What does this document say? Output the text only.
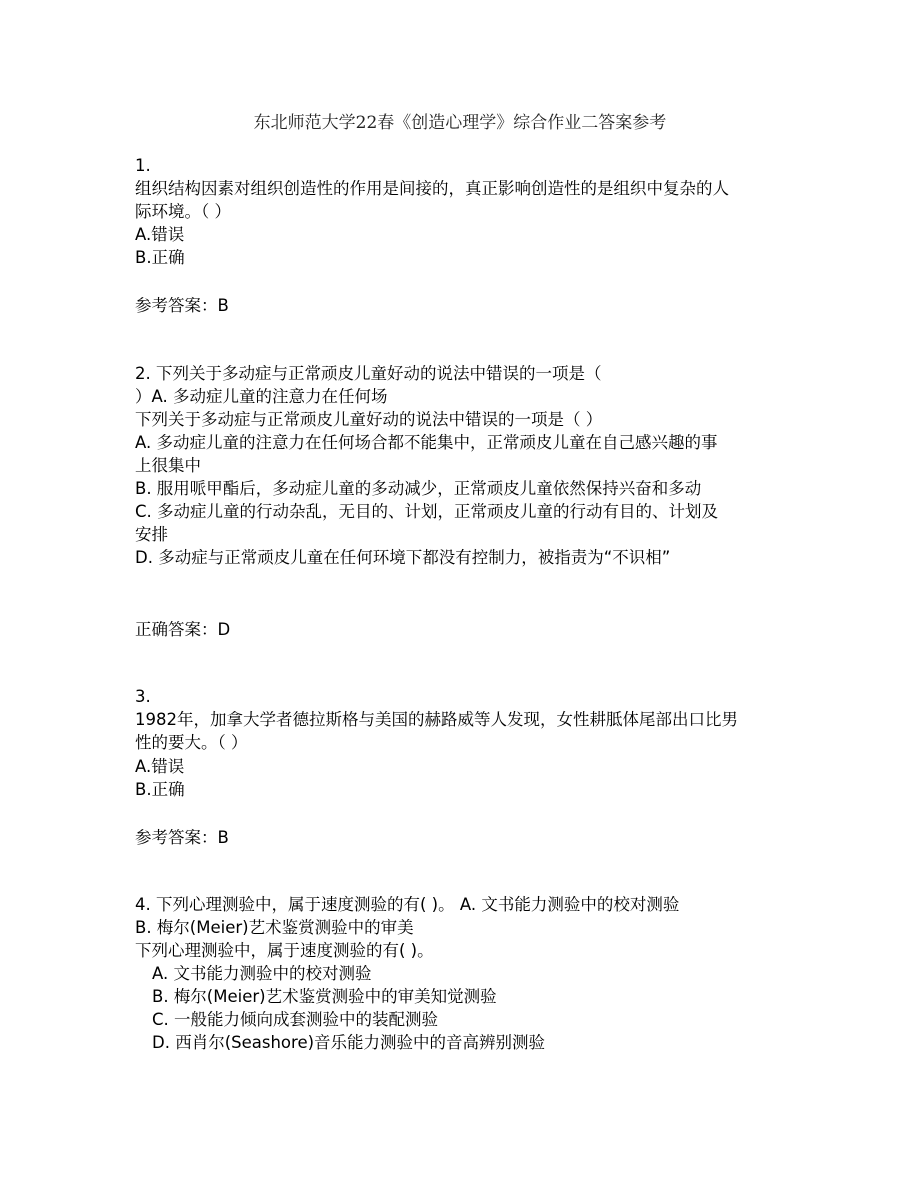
东北师范大学22春《创造心理学》综合作业二答案参考
1.
组织结构因素对组织创造性的作用是间接的，真正影响创造性的是组织中复杂的人
际环境。（ ）
A.错误
B.正确
参考答案：B
2. 下列关于多动症与正常顽皮儿童好动的说法中错误的一项是（
）A. 多动症儿童的注意力在任何场
下列关于多动症与正常顽皮儿童好动的说法中错误的一项是（ ）
A. 多动症儿童的注意力在任何场合都不能集中，正常顽皮儿童在自己感兴趣的事
上很集中
B. 服用哌甲酯后，多动症儿童的多动减少，正常顽皮儿童依然保持兴奋和多动
C. 多动症儿童的行动杂乱，无目的、计划，正常顽皮儿童的行动有目的、计划及
安排
D. 多动症与正常顽皮儿童在任何环境下都没有控制力，被指责为“不识相”
正确答案：D
3.
1982年，加拿大学者德拉斯格与美国的赫路威等人发现，女性耕胝体尾部出口比男
性的要大。（ ）
A.错误
B.正确
参考答案：B
4. 下列心理测验中，属于速度测验的有( )。 A. 文书能力测验中的校对测验
B. 梅尔(Meier)艺术鉴赏测验中的审美
下列心理测验中，属于速度测验的有( )。
A. 文书能力测验中的校对测验
B. 梅尔(Meier)艺术鉴赏测验中的审美知觉测验
C. 一般能力倾向成套测验中的装配测验
D. 西肖尔(Seashore)音乐能力测验中的音高辨别测验
